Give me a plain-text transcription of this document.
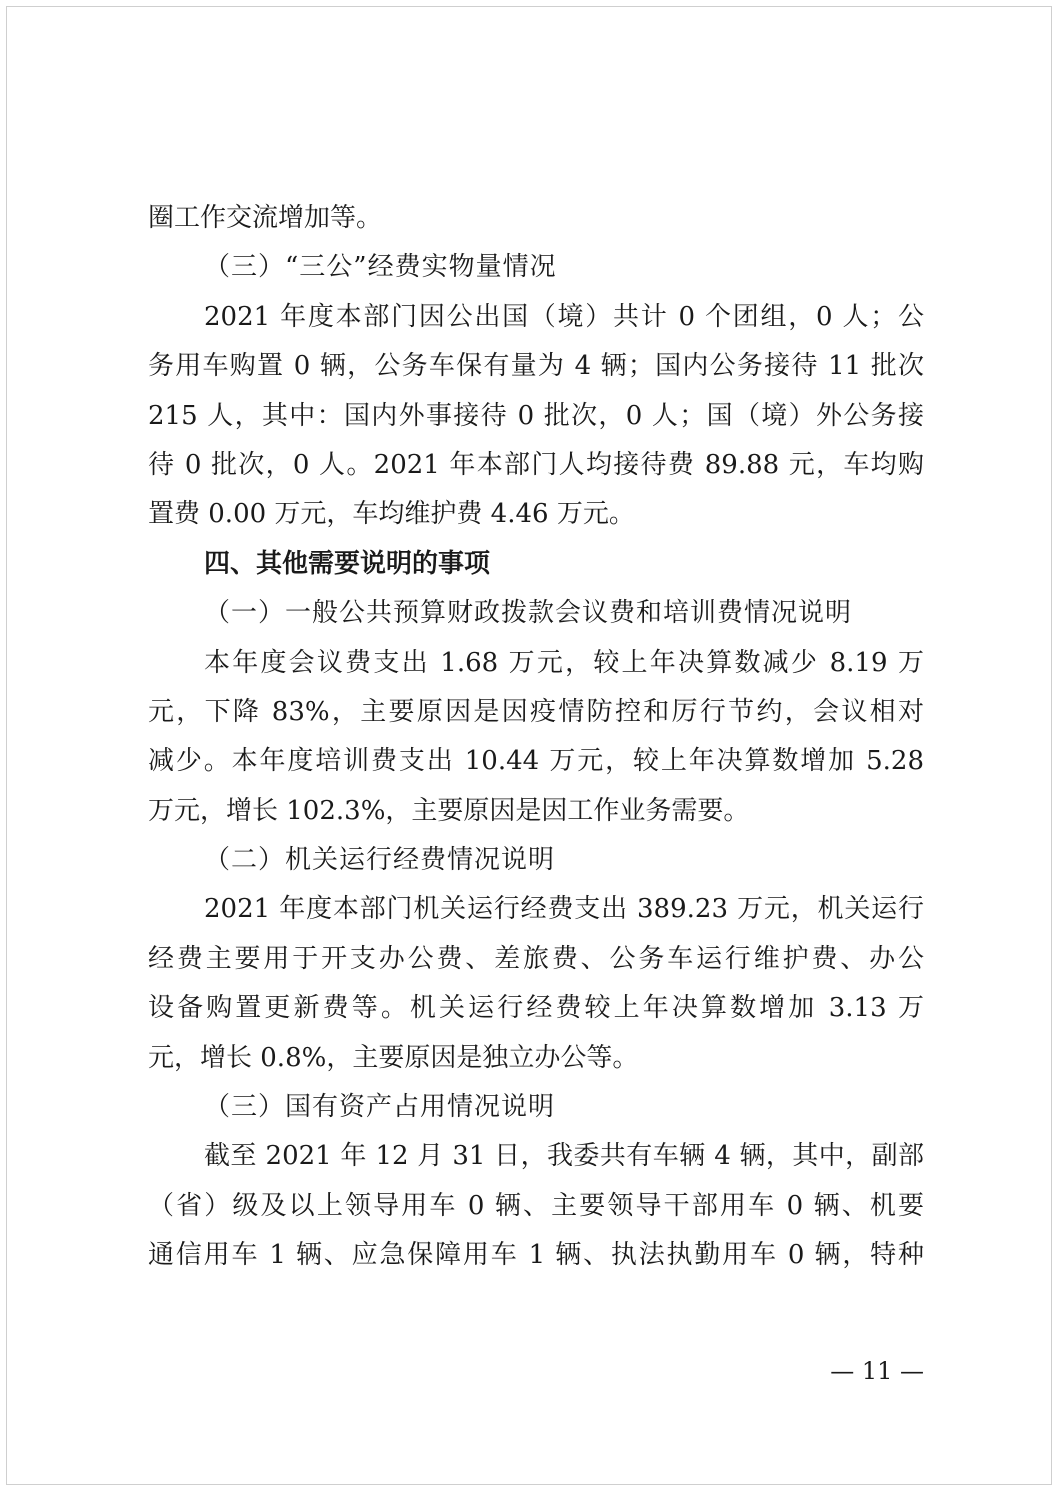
圈工作交流增加等。
（三）“三公”经费实物量情况
2021 年度本部门因公出国（境）共计 0 个团组，0 人；公
务用车购置 0 辆，公务车保有量为 4 辆；国内公务接待 11 批次
215 人，其中：国内外事接待 0 批次，0 人；国（境）外公务接
待 0 批次，0 人。2021 年本部门人均接待费 89.88 元，车均购
置费 0.00 万元，车均维护费 4.46 万元。
四、其他需要说明的事项
（一）一般公共预算财政拨款会议费和培训费情况说明
本年度会议费支出 1.68 万元，较上年决算数减少 8.19 万
元，下降 83%，主要原因是因疫情防控和厉行节约，会议相对
减少。本年度培训费支出 10.44 万元，较上年决算数增加 5.28
万元，增长 102.3%，主要原因是因工作业务需要。
（二）机关运行经费情况说明
2021 年度本部门机关运行经费支出 389.23 万元，机关运行
经费主要用于开支办公费、差旅费、公务车运行维护费、办公
设备购置更新费等。机关运行经费较上年决算数增加 3.13 万
元，增长 0.8%，主要原因是独立办公等。
（三）国有资产占用情况说明
截至 2021 年 12 月 31 日，我委共有车辆 4 辆，其中，副部
（省）级及以上领导用车 0 辆、主要领导干部用车 0 辆、机要
通信用车 1 辆、应急保障用车 1 辆、执法执勤用车 0 辆，特种
— 11 —
